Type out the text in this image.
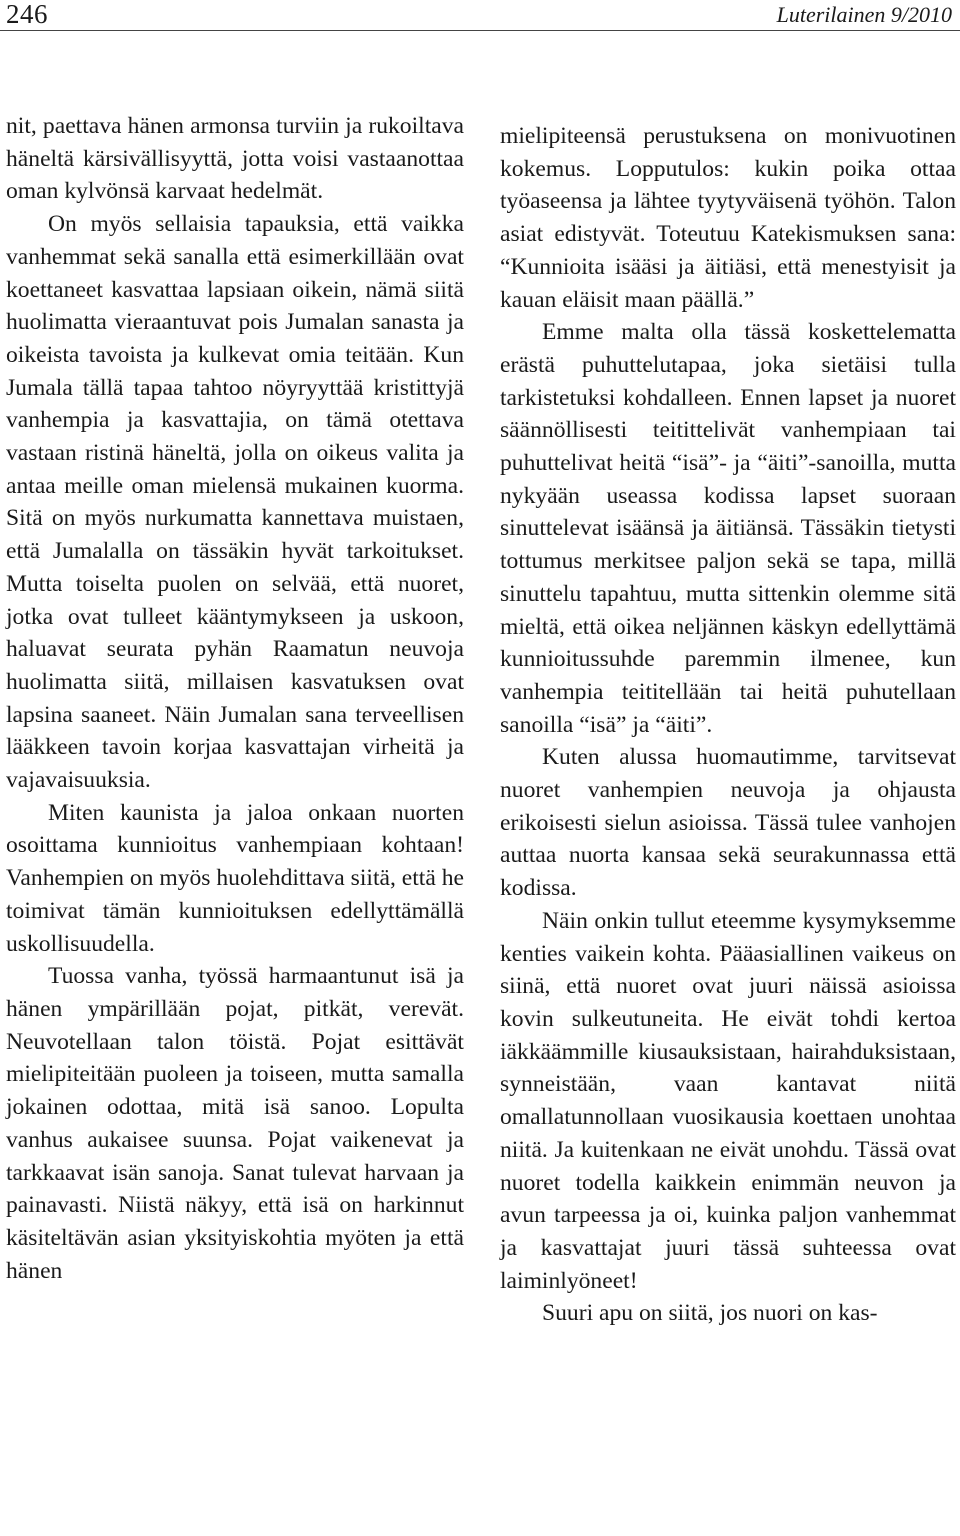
246	Luterilainen 9/2010

nit, paettava hänen armonsa turviin ja rukoiltava häneltä kärsivällisyyttä, jotta voisi vastaanottaa oman kylvönsä karvaat hedelmät.

On myös sellaisia tapauksia, että vaikka vanhemmat sekä sanalla että esimerkillään ovat koettaneet kasvattaa lapsiaan oikein, nämä siitä huolimatta vieraantuvat pois Jumalan sanasta ja oikeista tavoista ja kulkevat omia teitään. Kun Jumala tällä tapaa tahtoo nöyryyttää kristittyjä vanhempia ja kasvattajia, on tämä otettava vastaan ristinä häneltä, jolla on oikeus valita ja antaa meille oman mielensä mukainen kuorma. Sitä on myös nurkumatta kannettava muistaen, että Jumalalla on tässäkin hyvät tarkoitukset. Mutta toiselta puolen on selvää, että nuoret, jotka ovat tulleet kääntymykseen ja uskoon, haluavat seurata pyhän Raamatun neuvoja huolimatta siitä, millaisen kasvatuksen ovat lapsina saaneet. Näin Jumalan sana terveellisen lääkkeen tavoin korjaa kasvattajan virheitä ja vajavaisuuksia.

Miten kaunista ja jaloa onkaan nuorten osoittama kunnioitus vanhempiaan kohtaan! Vanhempien on myös huolehdittava siitä, että he toimivat tämän kunnioituksen edellyttämällä uskollisuudella.

Tuossa vanha, työssä harmaantunut isä ja hänen ympärillään pojat, pitkät, verevät. Neuvotellaan talon töistä. Pojat esittävät mielipiteitään puoleen ja toiseen, mutta samalla jokainen odottaa, mitä isä sanoo. Lopulta vanhus aukaisee suunsa. Pojat vaikenevat ja tarkkaavat isän sanoja. Sanat tulevat harvaan ja painavasti. Niistä näkyy, että isä on harkinnut käsiteltävän asian yksityiskohtia myöten ja että hänen

mielipiteensä perustuksena on monivuotinen kokemus. Lopputulos: kukin poika ottaa työaseensa ja lähtee tyytyväisenä työhön. Talon asiat edistyvät. Toteutuu Katekismuksen sana: “Kunnioita isääsi ja äitiäsi, että menestyisit ja kauan eläisit maan päällä.”

Emme malta olla tässä koskettelematta erästä puhuttelutapaa, joka sietäisi tulla tarkistetuksi kohdalleen. Ennen lapset ja nuoret säännöllisesti teitittelivät vanhempiaan tai puhuttelivat heitä “isä”- ja “äiti”-sanoilla, mutta nykyään useassa kodissa lapset suoraan sinuttelevat isäänsä ja äitiänsä. Tässäkin tietysti tottumus merkitsee paljon sekä se tapa, millä sinuttelu tapahtuu, mutta sittenkin olemme sitä mieltä, että oikea neljännen käskyn edellyttämä kunnioitussuhde paremmin ilmenee, kun vanhempia teititellään tai heitä puhutellaan sanoilla “isä” ja “äiti”.

Kuten alussa huomautimme, tarvitsevat nuoret vanhempien neuvoja ja ohjausta erikoisesti sielun asioissa. Tässä tulee vanhojen auttaa nuorta kansaa sekä seurakunnassa että kodissa.

Näin onkin tullut eteemme kysymyksemme kenties vaikein kohta. Pääasiallinen vaikeus on siinä, että nuoret ovat juuri näissä asioissa kovin sulkeutuneita. He eivät tohdi kertoa iäkkäämmille kiusauksistaan, hairahduksistaan, synneistään, vaan kantavat niitä omallatunnollaan vuosikausia koettaen unohtaa niitä. Ja kuitenkaan ne eivät unohdu. Tässä ovat nuoret todella kaikkein enimmän neuvon ja avun tarpeessa ja oi, kuinka paljon vanhemmat ja kasvattajat juuri tässä suhteessa ovat laiminlyöneet!

Suuri apu on siitä, jos nuori on kas-
